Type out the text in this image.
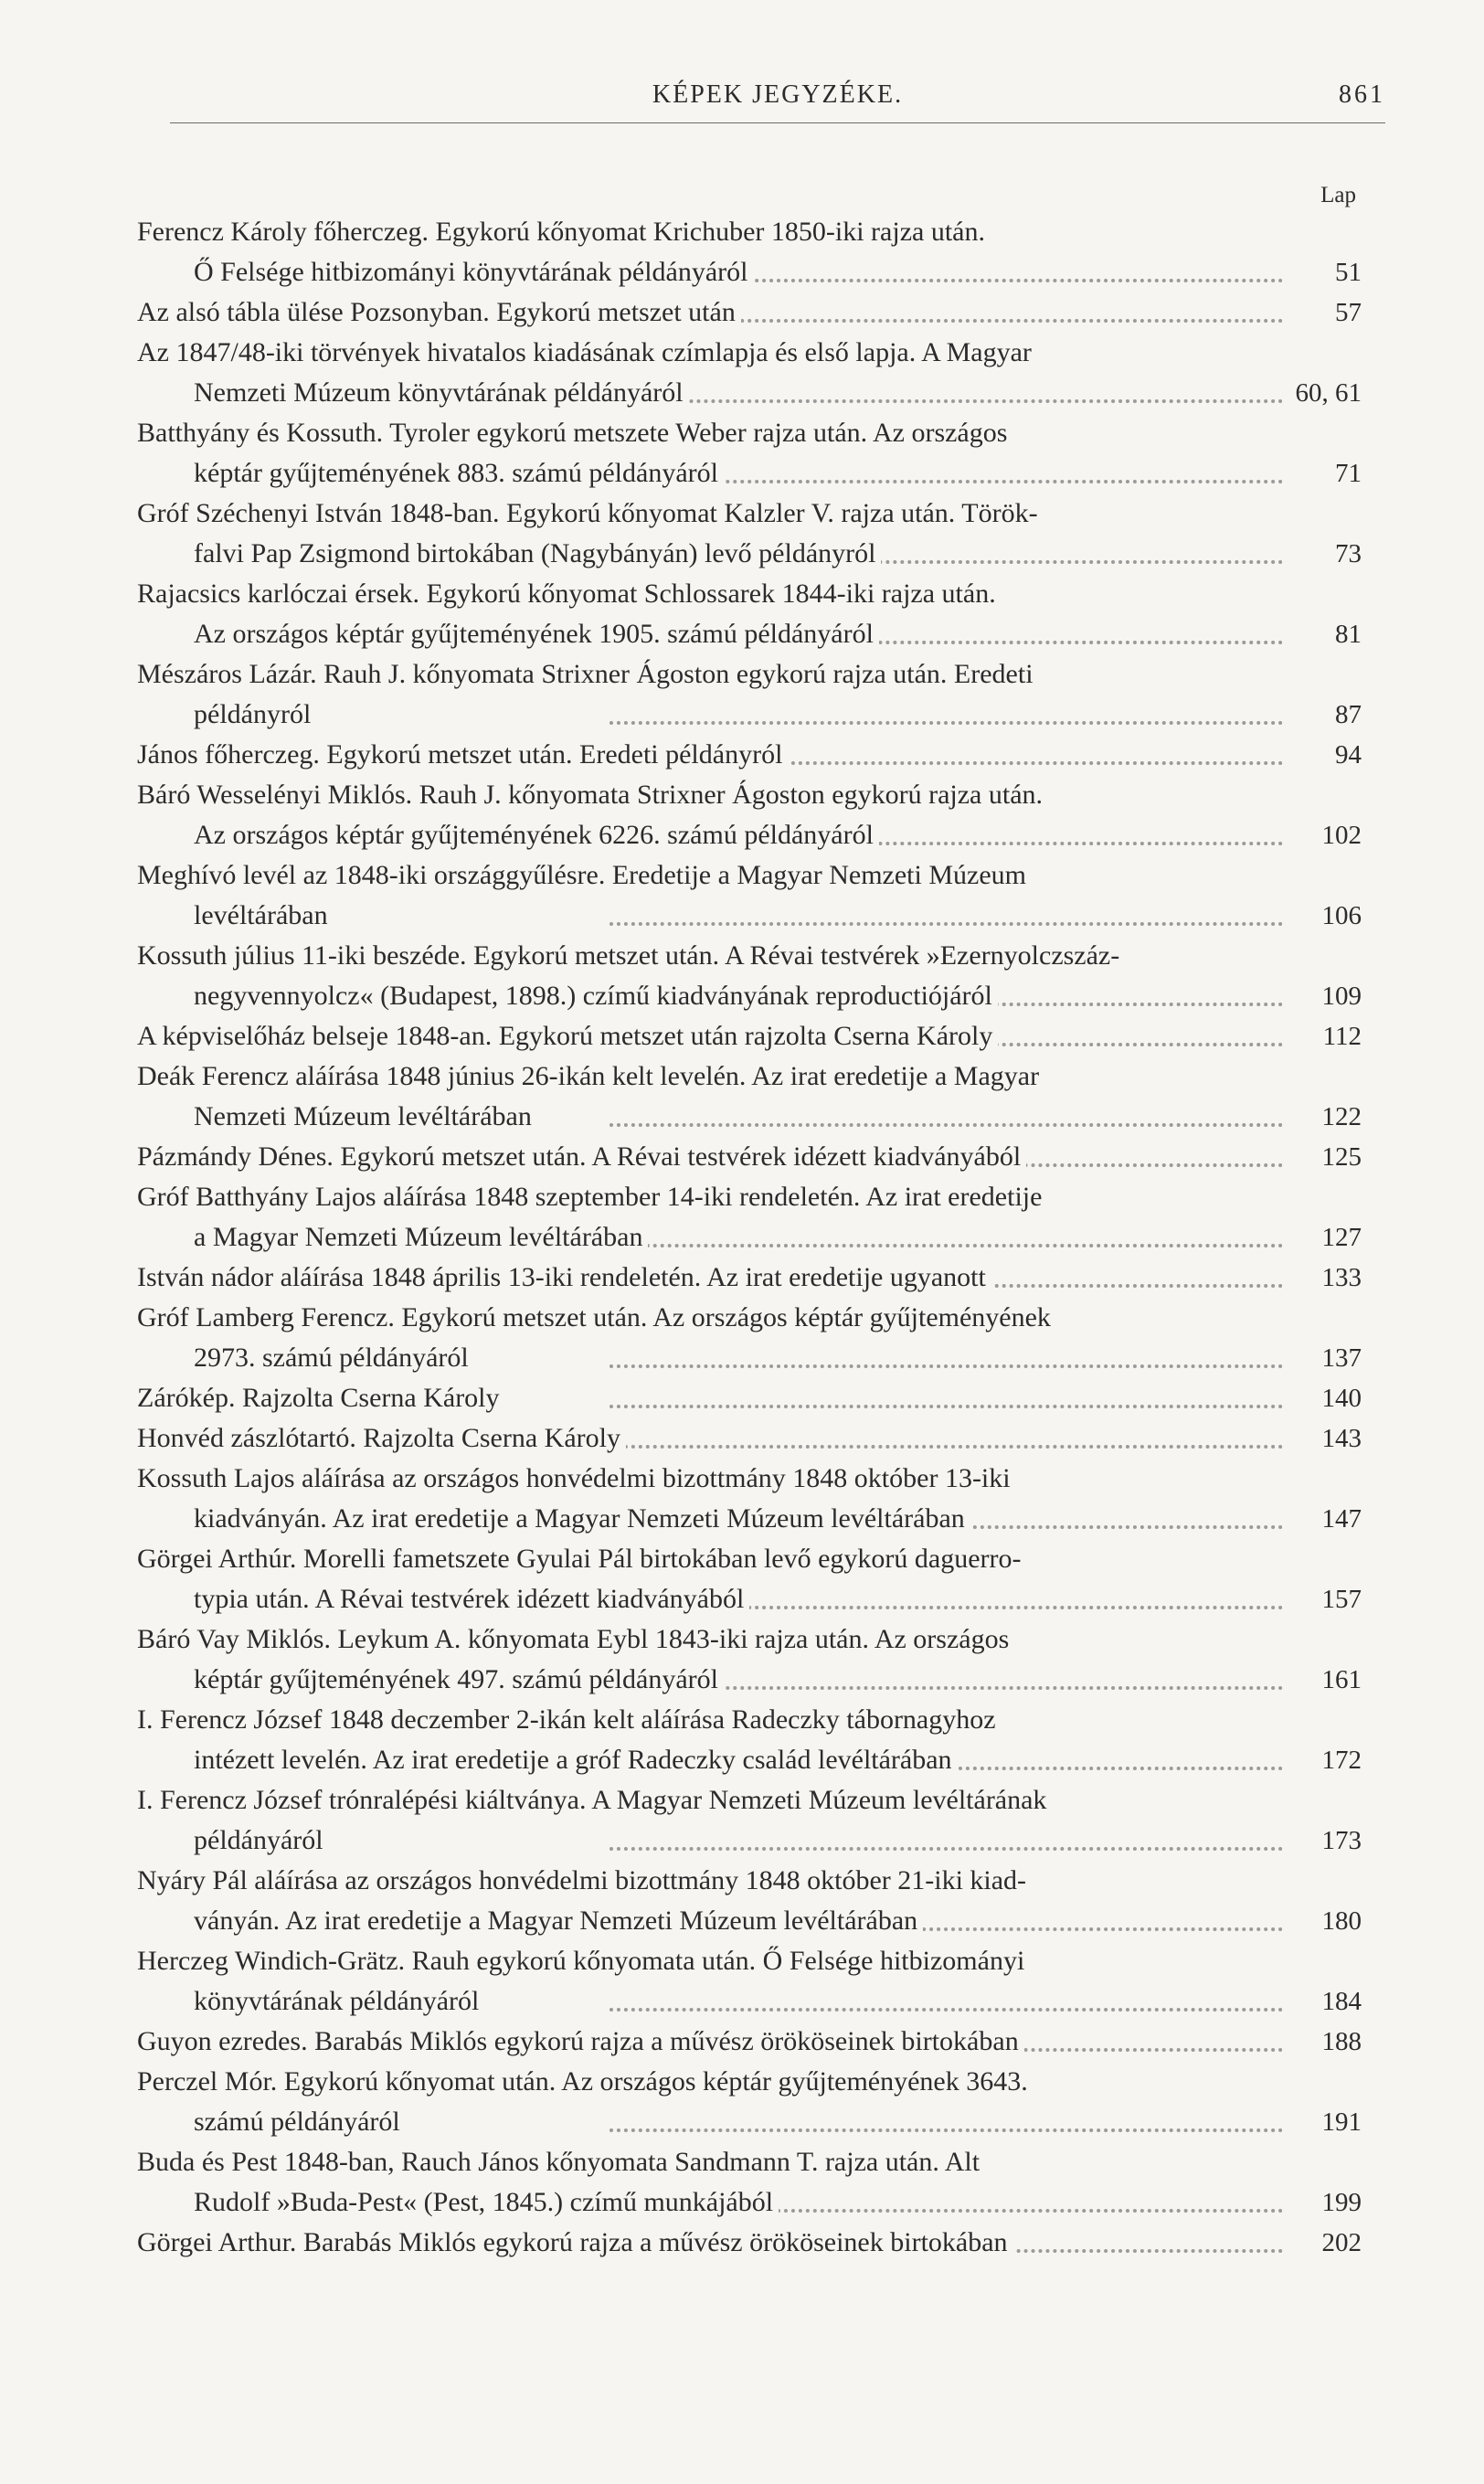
KÉPEK JEGYZÉKE.	861
Lap
Ferencz Károly főherczeg. Egykorú kőnyomat Krichuber 1850-iki rajza után.
Ő Felsége hitbizományi könyvtárának példányáról	51
Az alsó tábla ülése Pozsonyban. Egykorú metszet után	57
Az 1847/48-iki törvények hivatalos kiadásának czímlapja és első lapja. A Magyar
Nemzeti Múzeum könyvtárának példányáról	60, 61
Batthyány és Kossuth. Tyroler egykorú metszete Weber rajza után. Az országos
képtár gyűjteményének 883. számú példányáról	71
Gróf Széchenyi István 1848-ban. Egykorú kőnyomat Kalzler V. rajza után. Török-
falvi Pap Zsigmond birtokában (Nagybányán) levő példányról	73
Rajacsics karlóczai érsek. Egykorú kőnyomat Schlossarek 1844-iki rajza után.
Az országos képtár gyűjteményének 1905. számú példányáról	81
Mészáros Lázár. Rauh J. kőnyomata Strixner Ágoston egykorú rajza után. Eredeti
példányról	87
János főherczeg. Egykorú metszet után. Eredeti példányról	94
Báró Wesselényi Miklós. Rauh J. kőnyomata Strixner Ágoston egykorú rajza után.
Az országos képtár gyűjteményének 6226. számú példányáról	102
Meghívó levél az 1848-iki országgyűlésre. Eredetije a Magyar Nemzeti Múzeum
levéltárában	106
Kossuth július 11-iki beszéde. Egykorú metszet után. A Révai testvérek »Ezernyolczszáz-
negyvennyolcz« (Budapest, 1898.) czímű kiadványának reproductiójáról	109
A képviselőház belseje 1848-an. Egykorú metszet után rajzolta Cserna Károly	112
Deák Ferencz aláírása 1848 június 26-ikán kelt levelén. Az irat eredetije a Magyar
Nemzeti Múzeum levéltárában	122
Pázmándy Dénes. Egykorú metszet után. A Révai testvérek idézett kiadványából	125
Gróf Batthyány Lajos aláírása 1848 szeptember 14-iki rendeletén. Az irat eredetije
a Magyar Nemzeti Múzeum levéltárában	127
István nádor aláírása 1848 április 13-iki rendeletén. Az irat eredetije ugyanott	133
Gróf Lamberg Ferencz. Egykorú metszet után. Az országos képtár gyűjteményének
2973. számú példányáról	137
Zárókép. Rajzolta Cserna Károly	140
Honvéd zászlótartó. Rajzolta Cserna Károly	143
Kossuth Lajos aláírása az országos honvédelmi bizottmány 1848 október 13-iki
kiadványán. Az irat eredetije a Magyar Nemzeti Múzeum levéltárában	147
Görgei Arthúr. Morelli fametszete Gyulai Pál birtokában levő egykorú daguerro-
typia után. A Révai testvérek idézett kiadványából	157
Báró Vay Miklós. Leykum A. kőnyomata Eybl 1843-iki rajza után. Az országos
képtár gyűjteményének 497. számú példányáról	161
I. Ferencz József 1848 deczember 2-ikán kelt aláírása Radeczky tábornagyhoz
intézett levelén. Az irat eredetije a gróf Radeczky család levéltárában	172
I. Ferencz József trónralépési kiáltványa. A Magyar Nemzeti Múzeum levéltárának
példányáról	173
Nyáry Pál aláírása az országos honvédelmi bizottmány 1848 október 21-iki kiad-
ványán. Az irat eredetije a Magyar Nemzeti Múzeum levéltárában	180
Herczeg Windich-Grätz. Rauh egykorú kőnyomata után. Ő Felsége hitbizományi
könyvtárának példányáról	184
Guyon ezredes. Barabás Miklós egykorú rajza a művész örököseinek birtokában	188
Perczel Mór. Egykorú kőnyomat után. Az országos képtár gyűjteményének 3643.
számú példányáról	191
Buda és Pest 1848-ban, Rauch János kőnyomata Sandmann T. rajza után. Alt
Rudolf »Buda-Pest« (Pest, 1845.) czímű munkájából	199
Görgei Arthur. Barabás Miklós egykorú rajza a művész örököseinek birtokában	202
